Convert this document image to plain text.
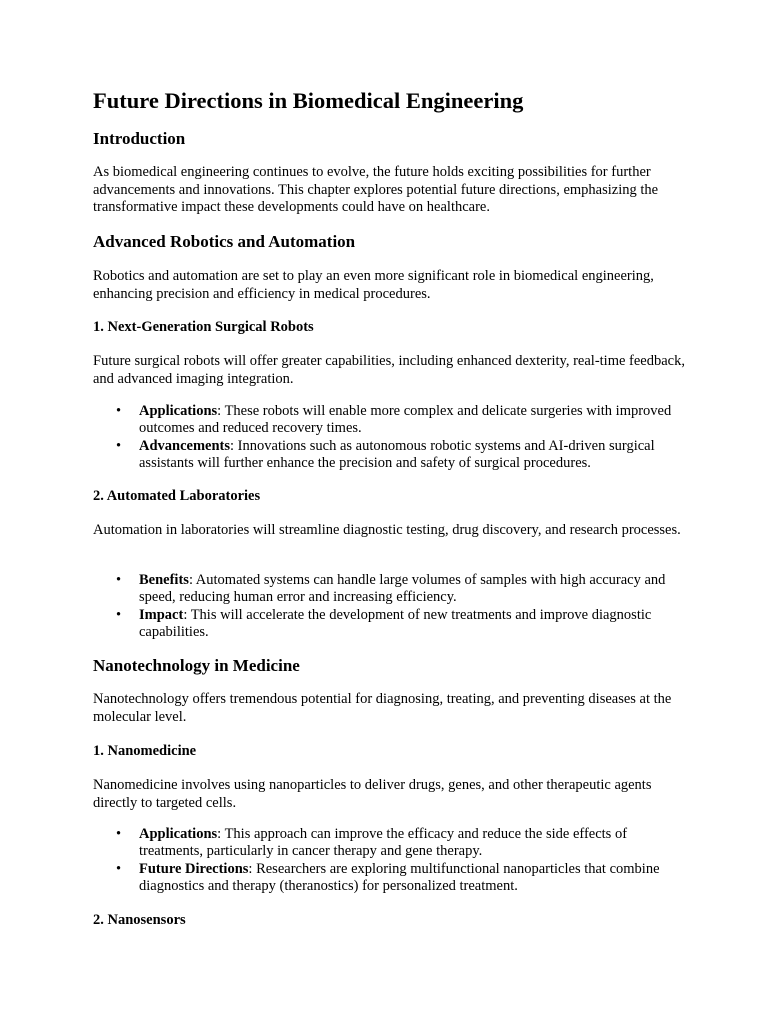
Future Directions in Biomedical Engineering
Introduction

As biomedical engineering continues to evolve, the future holds exciting possibilities for further advancements and innovations. This chapter explores potential future directions, emphasizing the transformative impact these developments could have on healthcare.

Advanced Robotics and Automation

Robotics and automation are set to play an even more significant role in biomedical engineering, enhancing precision and efficiency in medical procedures.

1. Next-Generation Surgical Robots

Future surgical robots will offer greater capabilities, including enhanced dexterity, real-time feedback, and advanced imaging integration.

• Applications: These robots will enable more complex and delicate surgeries with improved outcomes and reduced recovery times.
• Advancements: Innovations such as autonomous robotic systems and AI-driven surgical assistants will further enhance the precision and safety of surgical procedures.
2. Automated Laboratories

Automation in laboratories will streamline diagnostic testing, drug discovery, and research processes.

• Benefits: Automated systems can handle large volumes of samples with high accuracy and speed, reducing human error and increasing efficiency.
• Impact: This will accelerate the development of new treatments and improve diagnostic capabilities.
Nanotechnology in Medicine

Nanotechnology offers tremendous potential for diagnosing, treating, and preventing diseases at the molecular level.

1. Nanomedicine

Nanomedicine involves using nanoparticles to deliver drugs, genes, and other therapeutic agents directly to targeted cells.

• Applications: This approach can improve the efficacy and reduce the side effects of treatments, particularly in cancer therapy and gene therapy.
• Future Directions: Researchers are exploring multifunctional nanoparticles that combine diagnostics and therapy (theranostics) for personalized treatment.
2. Nanosensors
